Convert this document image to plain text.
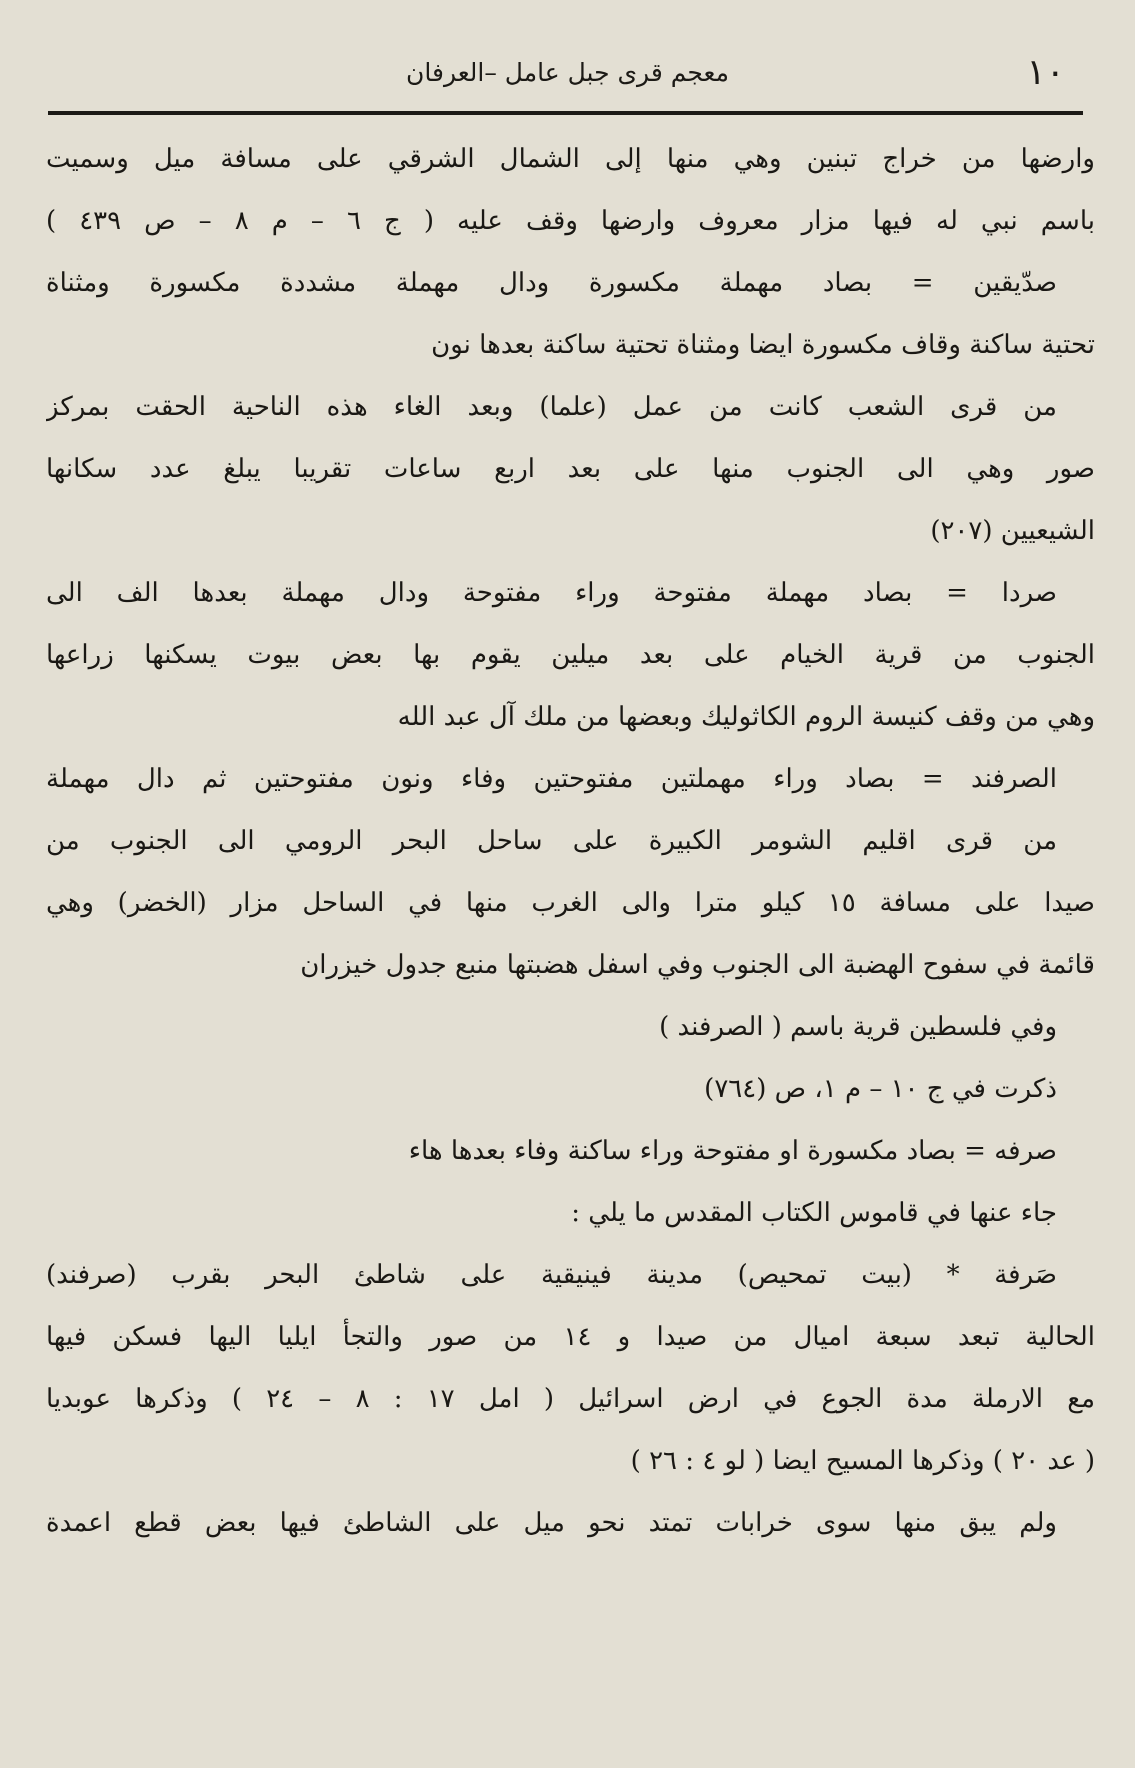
١٠
معجم قرى جبل عامل –العرفان
وارضها من خراج تبنين وهي منها إلى الشمال الشرقي على مسافة ميل وسميت
باسم نبي له فيها مزار معروف وارضها وقف عليه ( ج ٦ – م ٨ – ص ٤٣٩ )
صدّيقين = بصاد مهملة مكسورة ودال مهملة مشددة مكسورة ومثناة
تحتية ساكنة وقاف مكسورة ايضا ومثناة تحتية ساكنة بعدها نون
من قرى الشعب كانت من عمل (علما) وبعد الغاء هذه الناحية الحقت بمركز
صور وهي الى الجنوب منها على بعد اربع ساعات تقريبا يبلغ عدد سكانها
الشيعيين (٢٠٧)
صردا = بصاد مهملة مفتوحة وراء مفتوحة ودال مهملة بعدها الف الى
الجنوب من قرية الخيام على بعد ميلين يقوم بها بعض بيوت يسكنها زراعها
وهي من وقف كنيسة الروم الكاثوليك وبعضها من ملك آل عبد الله
الصرفند = بصاد وراء مهملتين مفتوحتين وفاء ونون مفتوحتين ثم دال مهملة
من قرى اقليم الشومر الكبيرة على ساحل البحر الرومي الى الجنوب من
صيدا على مسافة ١٥ كيلو مترا والى الغرب منها في الساحل مزار (الخضر) وهي
قائمة في سفوح الهضبة الى الجنوب وفي اسفل هضبتها منبع جدول خيزران
وفي فلسطين قرية باسم ( الصرفند )
ذكرت في ج ١٠ – م ١، ص (٧٦٤)
صرفه = بصاد مكسورة او مفتوحة وراء ساكنة وفاء بعدها هاء
جاء عنها في قاموس الكتاب المقدس ما يلي :
صَرفة * (بيت تمحيص) مدينة فينيقية على شاطئ البحر بقرب (صرفند)
الحالية تبعد سبعة اميال من صيدا و ١٤ من صور والتجأ ايليا اليها فسكن فيها
مع الارملة مدة الجوع في ارض اسرائيل ( امل ١٧ : ٨ – ٢٤ ) وذكرها عوبديا
( عد ٢٠ ) وذكرها المسيح ايضا ( لو ٤ : ٢٦ )
ولم يبق منها سوى خرابات تمتد نحو ميل على الشاطئ فيها بعض قطع اعمدة
